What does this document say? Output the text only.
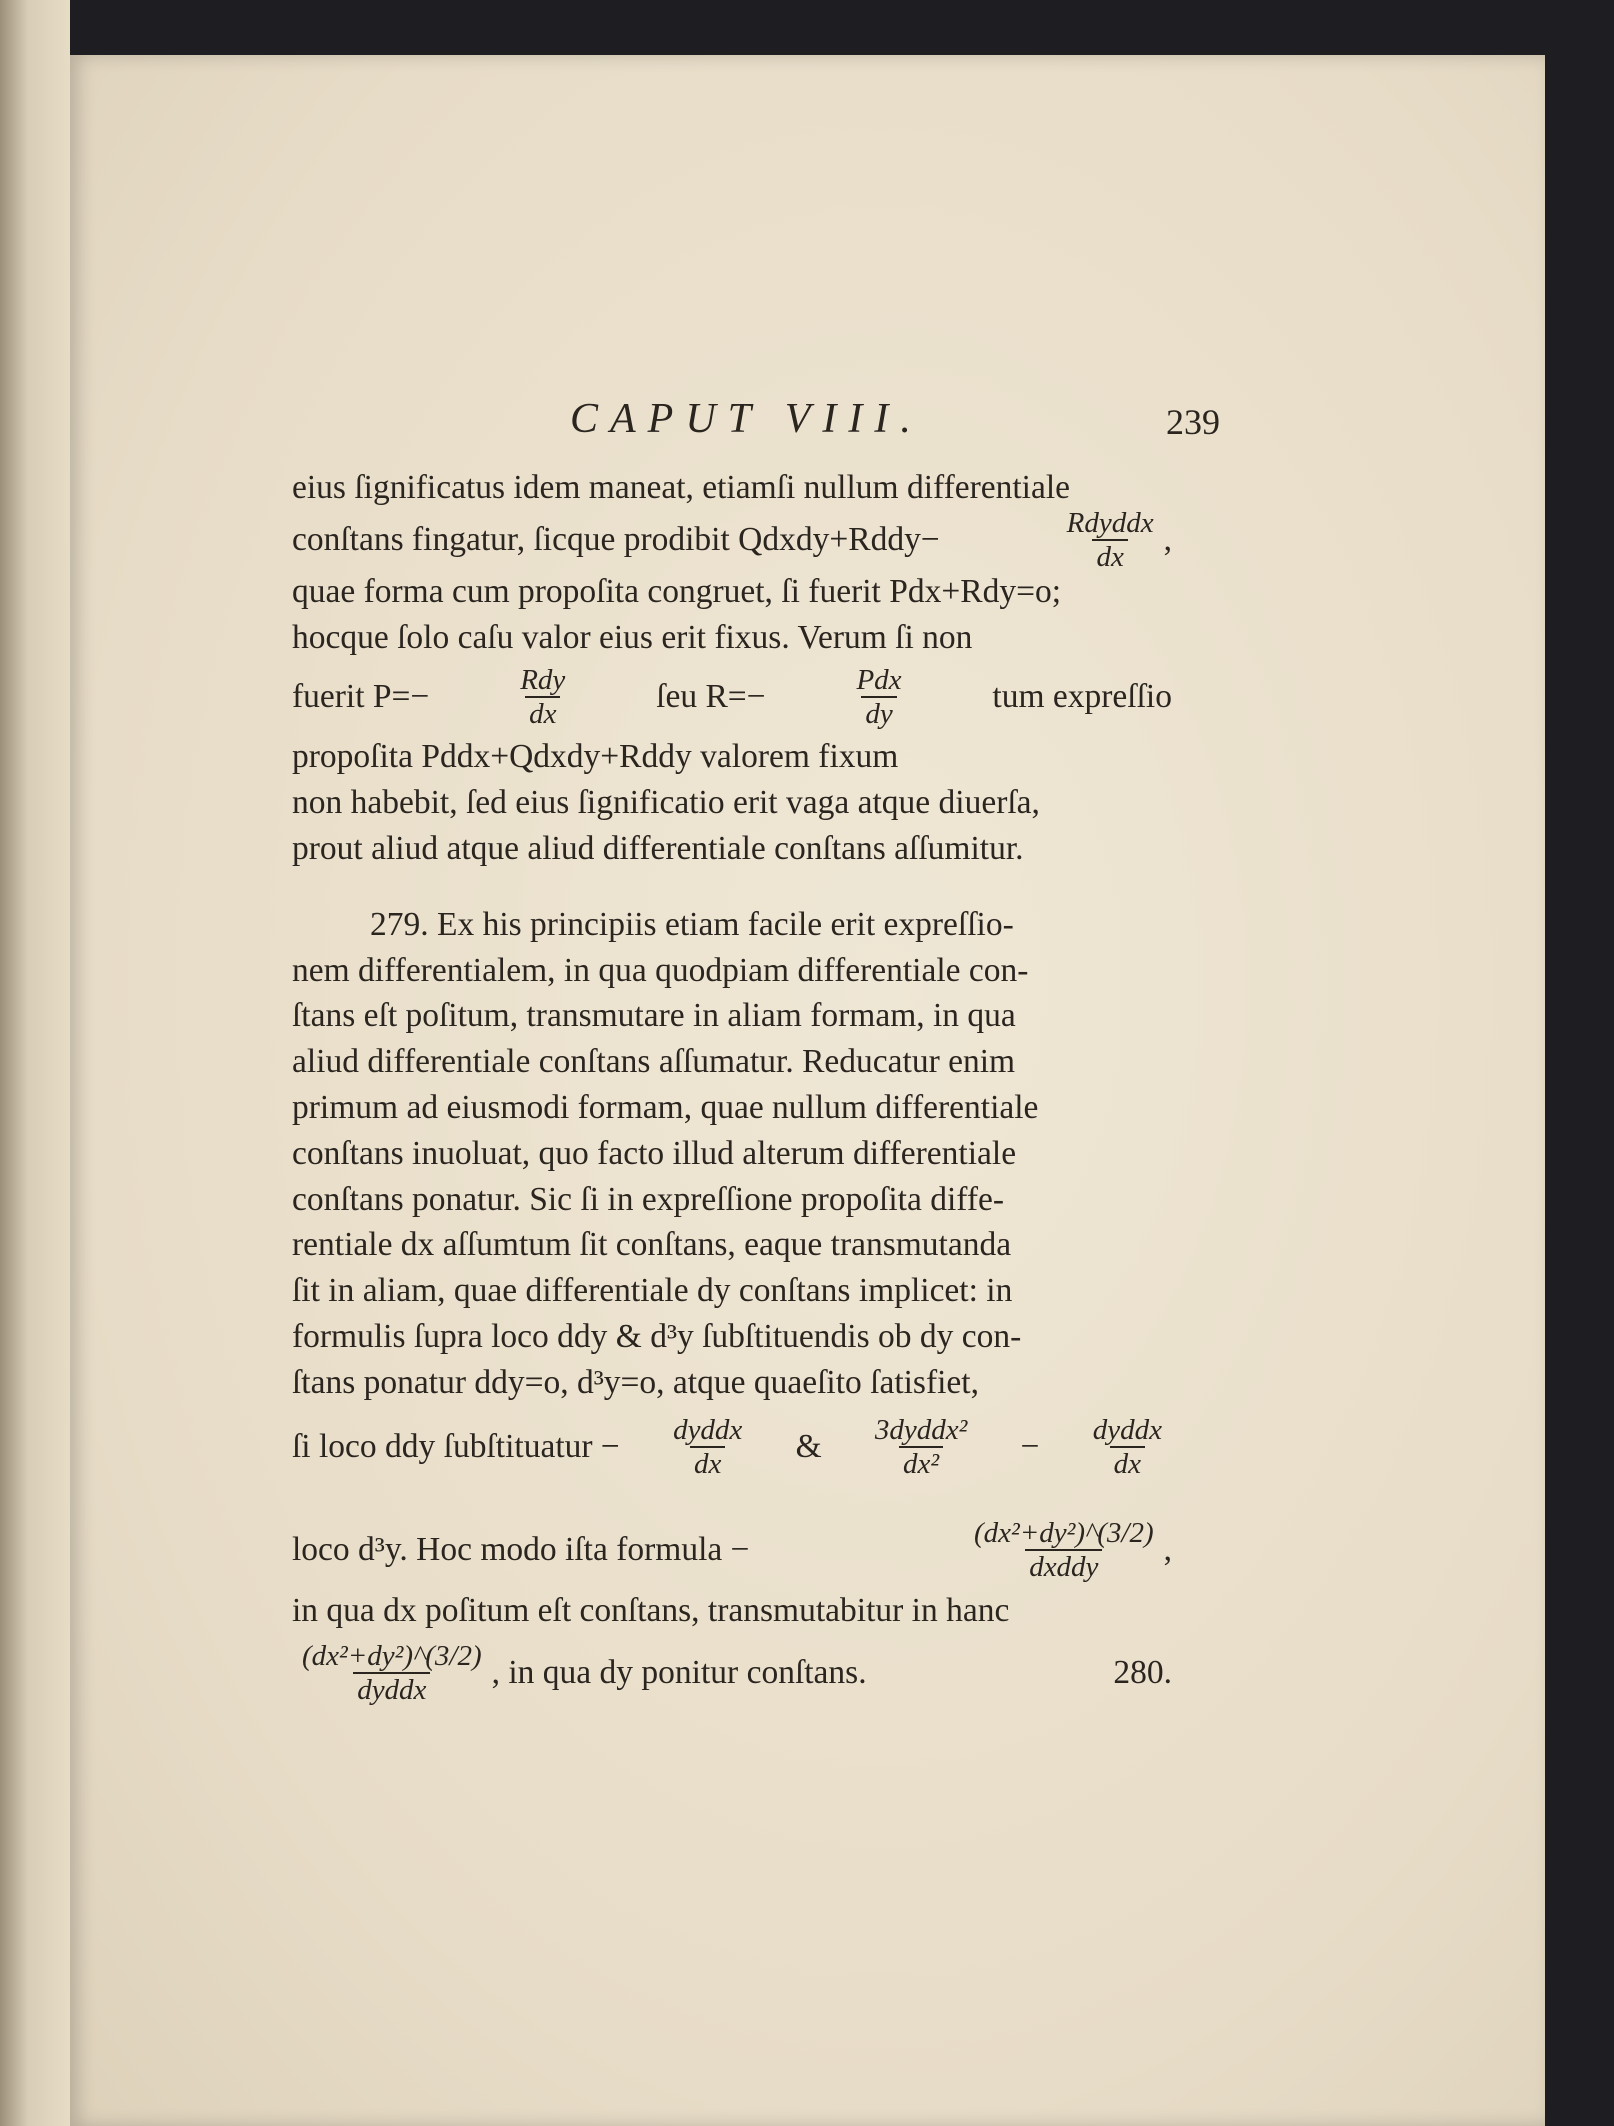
CAPUT VIII.	239
eius ſignificatus idem maneat, etiamſi nullum differentiale
conſtans fingatur, ſicque prodibit Qdxdy+Rddy−	$\frac{\text{Rdyddx}}{dx}$ ,
quae forma cum propoſita congruet, ſi fuerit Pdx+Rdy=o;
hocque ſolo caſu valor eius erit fixus. Verum ſi non
fuerit P=−	$\frac{\text{Rdy}}{dx}$	ſeu R=−	$\frac{\text{Pdx}}{dy}$	tum expreſſio
propoſita Pddx+Qdxdy+Rddy valorem fixum
non habebit, ſed eius ſignificatio erit vaga atque diuerſa,
prout aliud atque aliud differentiale conſtans aſſumitur.
279. Ex his principiis etiam facile erit expreſſio-
nem differentialem, in qua quodpiam differentiale con-
ſtans eſt poſitum, transmutare in aliam formam, in qua
aliud differentiale conſtans aſſumatur. Reducatur enim
primum ad eiusmodi formam, quae nullum differentiale
conſtans inuoluat, quo facto illud alterum differentiale
conſtans ponatur. Sic ſi in expreſſione propoſita diffe-
rentiale dx aſſumtum ſit conſtans, eaque transmutanda
ſit in aliam, quae differentiale dy conſtans implicet: in
formulis ſupra loco ddy & d³y ſubſtituendis ob dy con-
ſtans ponatur ddy=o, d³y=o, atque quaeſito ſatisfiet,
ſi loco ddy ſubſtituatur − $\frac{\text{dyddx}}{dx}$ & $\frac{\text{3dyddx²}}{\text{dx²}} - \frac{\text{dyddx}}{dx}$
loco d³y. Hoc modo iſta formula −	$\frac{\text{(dx²+dy²)\textasciicircum{}(3/2)}}{\text{dxddy}}$ ,
in qua dx poſitum eſt conſtans, transmutabitur in hanc
$\frac{\text{(dx²+dy²)\textasciicircum{}(3/2)}}{\text{dyddx}}$ , in qua dy ponitur conſtans.	280.
